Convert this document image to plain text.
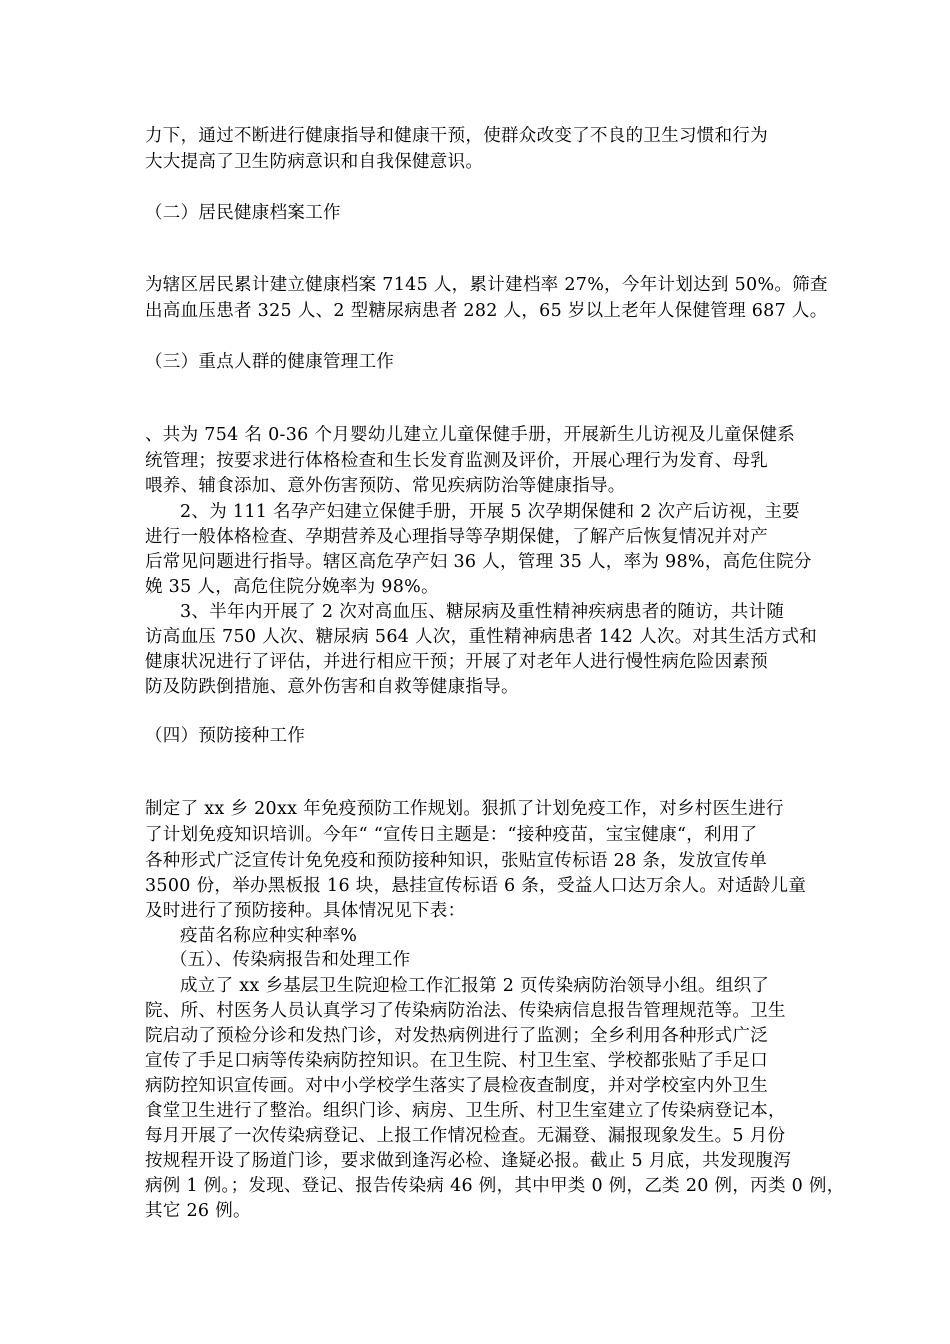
力下，通过不断进行健康指导和健康干预，使群众改变了不良的卫生习惯和行为
大大提高了卫生防病意识和自我保健意识。
（二）居民健康档案工作
为辖区居民累计建立健康档案 7145 人，累计建档率 27%，今年计划达到 50%。筛查
出高血压患者 325 人、2 型糖尿病患者 282 人，65 岁以上老年人保健管理 687 人。
（三）重点人群的健康管理工作
、共为 754 名 0-36 个月婴幼儿建立儿童保健手册，开展新生儿访视及儿童保健系
统管理；按要求进行体格检查和生长发育监测及评价，开展心理行为发育、母乳
喂养、辅食添加、意外伤害预防、常见疾病防治等健康指导。
2、为 111 名孕产妇建立保健手册，开展 5 次孕期保健和 2 次产后访视，主要
进行一般体格检查、孕期营养及心理指导等孕期保健，了解产后恢复情况并对产
后常见问题进行指导。辖区高危孕产妇 36 人，管理 35 人，率为 98%，高危住院分
娩 35 人，高危住院分娩率为 98%。
3、半年内开展了 2 次对高血压、糖尿病及重性精神疾病患者的随访，共计随
访高血压 750 人次、糖尿病 564 人次，重性精神病患者 142 人次。对其生活方式和
健康状况进行了评估，并进行相应干预；开展了对老年人进行慢性病危险因素预
防及防跌倒措施、意外伤害和自救等健康指导。
（四）预防接种工作
制定了 xx 乡 20xx 年免疫预防工作规划。狠抓了计划免疫工作，对乡村医生进行
了计划免疫知识培训。今年“ “宣传日主题是：“接种疫苗，宝宝健康“，利用了
各种形式广泛宣传计免免疫和预防接种知识，张贴宣传标语 28 条，发放宣传单
3500 份，举办黑板报 16 块，悬挂宣传标语 6 条，受益人口达万余人。对适龄儿童
及时进行了预防接种。具体情况见下表：
疫苗名称应种实种率%
（五）、传染病报告和处理工作
成立了 xx 乡基层卫生院迎检工作汇报第 2 页传染病防治领导小组。组织了
院、所、村医务人员认真学习了传染病防治法、传染病信息报告管理规范等。卫生
院启动了预检分诊和发热门诊，对发热病例进行了监测；全乡利用各种形式广泛
宣传了手足口病等传染病防控知识。在卫生院、村卫生室、学校都张贴了手足口
病防控知识宣传画。对中小学校学生落实了晨检夜查制度，并对学校室内外卫生
食堂卫生进行了整治。组织门诊、病房、卫生所、村卫生室建立了传染病登记本，
每月开展了一次传染病登记、上报工作情况检查。无漏登、漏报现象发生。5 月份
按规程开设了肠道门诊，要求做到逢泻必检、逢疑必报。截止 5 月底，共发现腹泻
病例 1 例。；发现、登记、报告传染病 46 例，其中甲类 0 例，乙类 20 例，丙类 0 例，
其它 26 例。
